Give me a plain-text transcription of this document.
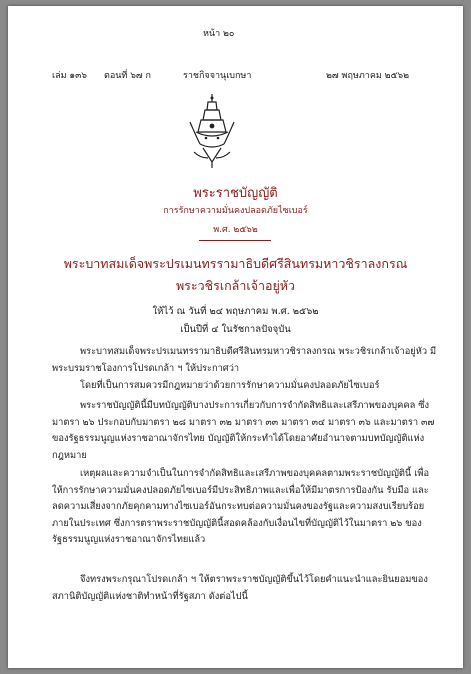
หน้า ๒๐
เล่ม ๑๓๖ ตอนที่ ๖๗ ก	ราชกิจจานุเบกษา	๒๗ พฤษภาคม ๒๕๖๒
พระราชบัญญัติ
การรักษาความมั่นคงปลอดภัยไซเบอร์
พ.ศ. ๒๕๖๒
พระบาทสมเด็จพระปรเมนทรรามาธิบดีศรีสินทรมหาวชิราลงกรณ
พระวชิรเกล้าเจ้าอยู่หัว
ให้ไว้ ณ วันที่ ๒๔ พฤษภาคม พ.ศ. ๒๕๖๒
เป็นปีที่ ๔ ในรัชกาลปัจจุบัน
พระบาทสมเด็จพระปรเมนทรรามาธิบดีศรีสินทรมหาวชิราลงกรณ พระวชิรเกล้าเจ้าอยู่หัว มีพระบรมราชโองการโปรดเกล้า ฯ ให้ประกาศว่า
โดยที่เป็นการสมควรมีกฎหมายว่าด้วยการรักษาความมั่นคงปลอดภัยไซเบอร์
พระราชบัญญัตินี้มีบทบัญญัติบางประการเกี่ยวกับการจำกัดสิทธิและเสรีภาพของบุคคล ซึ่งมาตรา ๒๖ ประกอบกับมาตรา ๒๘ มาตรา ๓๒ มาตรา ๓๓ มาตรา ๓๔ มาตรา ๓๖ และมาตรา ๓๗ ของรัฐธรรมนูญแห่งราชอาณาจักรไทย บัญญัติให้กระทำได้โดยอาศัยอำนาจตามบทบัญญัติแห่งกฎหมาย
เหตุผลและความจำเป็นในการจำกัดสิทธิและเสรีภาพของบุคคลตามพระราชบัญญัตินี้ เพื่อให้การรักษาความมั่นคงปลอดภัยไซเบอร์มีประสิทธิภาพและเพื่อให้มีมาตรการป้องกัน รับมือ และลดความเสี่ยงจากภัยคุกคามทางไซเบอร์อันกระทบต่อความมั่นคงของรัฐและความสงบเรียบร้อยภายในประเทศ ซึ่งการตราพระราชบัญญัตินี้สอดคล้องกับเงื่อนไขที่บัญญัติไว้ในมาตรา ๒๖ ของรัฐธรรมนูญแห่งราชอาณาจักรไทยแล้ว
จึงทรงพระกรุณาโปรดเกล้า ฯ ให้ตราพระราชบัญญัติขึ้นไว้โดยคำแนะนำและยินยอมของสภานิติบัญญัติแห่งชาติทำหน้าที่รัฐสภา ดังต่อไปนี้
